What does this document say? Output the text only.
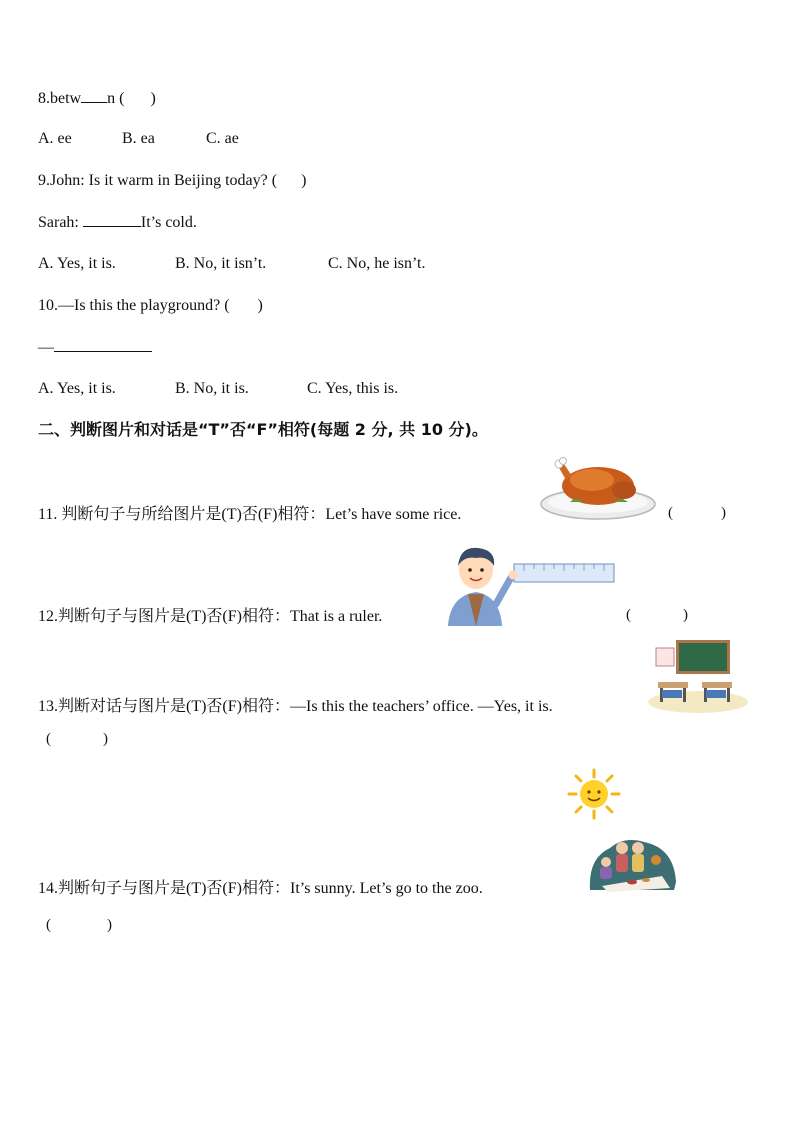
8.betw n ( )
A. ee	B. ea	C. ae
9.John: Is it warm in Beijing today? ( )
Sarah:	It’s cold.
A. Yes, it is.	B. No, it isn’t.	C. No, he isn’t.
10.—Is this the playground? ( )
—
A. Yes, it is.	B. No, it is.	C. Yes, this is.
二、判断图片和对话是“T”否“F”相符(每题 2 分, 共 10 分)。
11. 判断句子与所给图片是(T)否(F)相符：Let’s have some rice.	(	)
12.判断句子与图片是(T)否(F)相符：That is a ruler.	(	)
13.判断对话与图片是(T)否(F)相符：—Is this the teachers’ office. —Yes, it is.
(	)
14.判断句子与图片是(T)否(F)相符：It’s sunny. Let’s go to the zoo.
(	)
